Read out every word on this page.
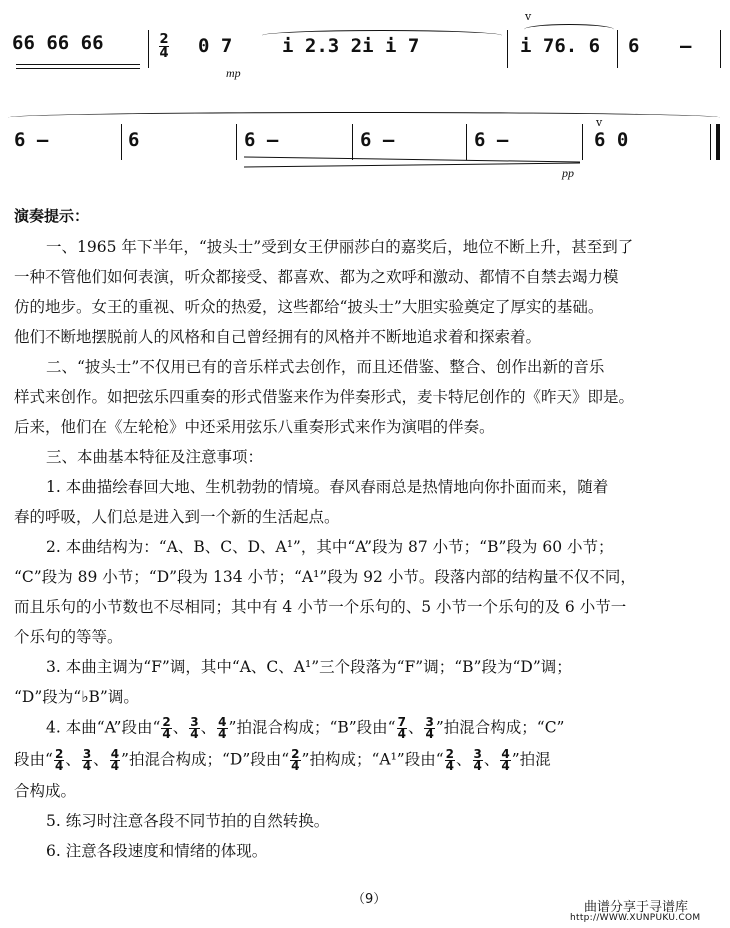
66 66 66	2
4 0 7
mp
i 2.3 2i i 7	i 76. 6
v
6 –
6 –	6	6 –	6 –	6 –
v
6 0
pp
演奏提示：
一、1965 年下半年，“披头士”受到女王伊丽莎白的嘉奖后，地位不断上升，甚至到了
一种不管他们如何表演，听众都接受、都喜欢、都为之欢呼和激动、都情不自禁去竭力模
仿的地步。女王的重视、听众的热爱，这些都给“披头士”大胆实验奠定了厚实的基础。
他们不断地摆脱前人的风格和自己曾经拥有的风格并不断地追求着和探索着。
二、“披头士”不仅用已有的音乐样式去创作，而且还借鉴、整合、创作出新的音乐
样式来创作。如把弦乐四重奏的形式借鉴来作为伴奏形式，麦卡特尼创作的《昨天》即是。
后来，他们在《左轮枪》中还采用弦乐八重奏形式来作为演唱的伴奏。
三、本曲基本特征及注意事项：
1. 本曲描绘春回大地、生机勃勃的情境。春风春雨总是热情地向你扑面而来，随着
春的呼吸，人们总是进入到一个新的生活起点。
2. 本曲结构为：“A、B、C、D、A¹”，其中“A”段为 87 小节；“B”段为 60 小节；
“C”段为 89 小节；“D”段为 134 小节；“A¹”段为 92 小节。段落内部的结构量不仅不同，
而且乐句的小节数也不尽相同；其中有 4 小节一个乐句的、5 小节一个乐句的及 6 小节一
个乐句的等等。
3. 本曲主调为“F”调，其中“A、C、A¹”三个段落为“F”调；“B”段为“D”调；
“D”段为“♭B”调。
4. 本曲“A”段由“ $\frac{2}{4}$ 、 $\frac{3}{4}$ 、 $\frac{4}{4}$ ”拍混合构成；“B”段由“ $\frac{7}{4}$ 、 $\frac{3}{4}$ ”拍混合构成；“C”
段由“ $\frac{2}{4}$ 、 $\frac{3}{4}$ 、 $\frac{4}{4}$ ”拍混合构成；“D”段由“ $\frac{2}{4}$ ”拍构成；“A¹”段由“ $\frac{2}{4}$ 、 $\frac{3}{4}$ 、 $\frac{4}{4}$ ”拍混
合构成。
5. 练习时注意各段不同节拍的自然转换。
6. 注意各段速度和情绪的体现。
（9）
曲谱分享于寻谱库
http://WWW.XUNPUKU.COM
